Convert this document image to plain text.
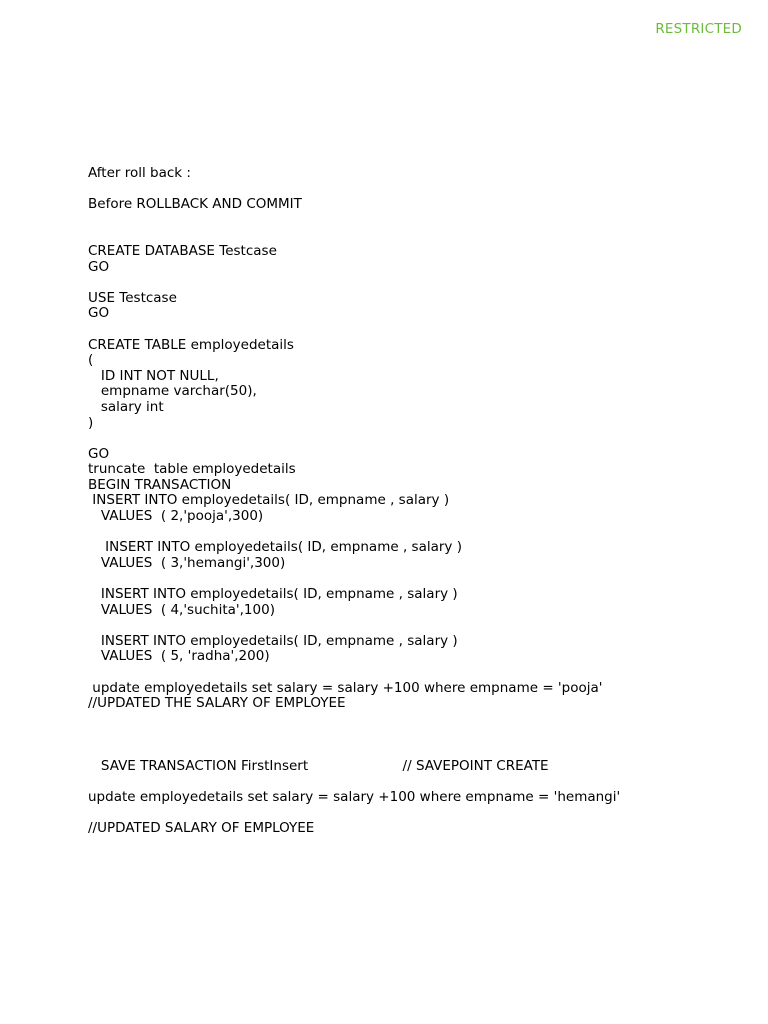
RESTRICTED
After roll back :
Before ROLLBACK AND COMMIT
CREATE DATABASE Testcase
GO
USE Testcase
GO
CREATE TABLE employedetails
(
ID INT NOT NULL,
empname varchar(50),
salary int
)
GO
truncate  table employedetails
BEGIN TRANSACTION
INSERT INTO employedetails( ID, empname , salary )
VALUES  ( 2,'pooja',300)
INSERT INTO employedetails( ID, empname , salary )
VALUES  ( 3,'hemangi',300)
INSERT INTO employedetails( ID, empname , salary )
VALUES  ( 4,'suchita',100)
INSERT INTO employedetails( ID, empname , salary )
VALUES  ( 5, 'radha',200)
update employedetails set salary = salary +100 where empname = 'pooja'
//UPDATED THE SALARY OF EMPLOYEE
SAVE TRANSACTION FirstInsert                      // SAVEPOINT CREATE
update employedetails set salary = salary +100 where empname = 'hemangi'
//UPDATED SALARY OF EMPLOYEE
